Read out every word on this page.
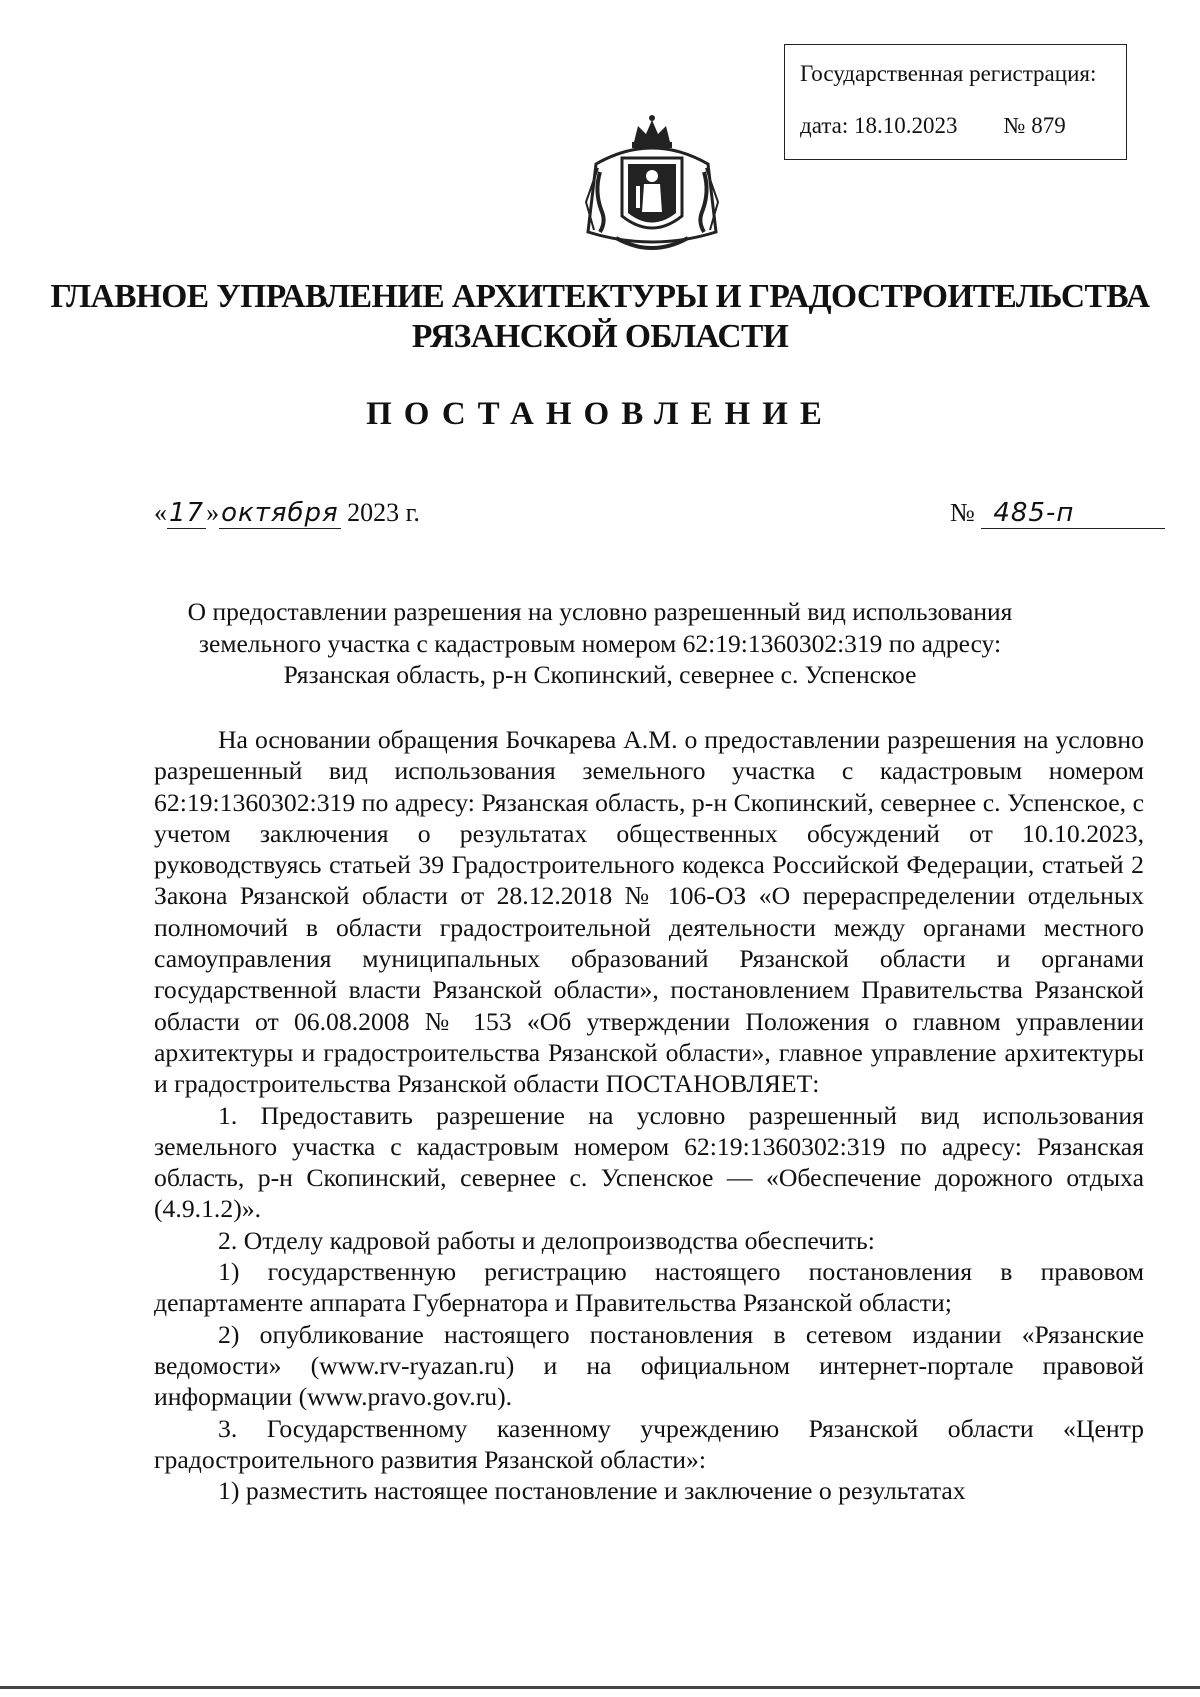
Государственная регистрация:
дата: 18.10.2023        № 879
ГЛАВНОЕ УПРАВЛЕНИЕ АРХИТЕКТУРЫ И ГРАДОСТРОИТЕЛЬСТВА
РЯЗАНСКОЙ ОБЛАСТИ
ПОСТАНОВЛЕНИЕ
«17»октября 2023 г.	№ 485-п
О предоставлении разрешения на условно разрешенный вид использования
земельного участка с кадастровым номером 62:19:1360302:319 по адресу:
Рязанская область, р-н Скопинский, севернее с. Успенское

На основании обращения Бочкарева А.М. о предоставлении разрешения на условно разрешенный вид использования земельного участка с кадастровым номером 62:19:1360302:319 по адресу: Рязанская область, р-н Скопинский, севернее с. Успенское, с учетом заключения о результатах общественных обсуждений от 10.10.2023, руководствуясь статьей 39 Градостроительного кодекса Российской Федерации, статьей 2 Закона Рязанской области от 28.12.2018 № 106-ОЗ «О перераспределении отдельных полномочий в области градостроительной деятельности между органами местного самоуправления муниципальных образований Рязанской области и органами государственной власти Рязанской области», постановлением Правительства Рязанской области от 06.08.2008 № 153 «Об утверждении Положения о главном управлении архитектуры и градостроительства Рязанской области», главное управление архитектуры и градостроительства Рязанской области ПОСТАНОВЛЯЕТ:

1. Предоставить разрешение на условно разрешенный вид использования земельного участка с кадастровым номером 62:19:1360302:319 по адресу: Рязанская область, р-н Скопинский, севернее с. Успенское — «Обеспечение дорожного отдыха (4.9.1.2)».

2. Отделу кадровой работы и делопроизводства обеспечить:

1) государственную регистрацию настоящего постановления в правовом департаменте аппарата Губернатора и Правительства Рязанской области;

2) опубликование настоящего постановления в сетевом издании «Рязанские ведомости» (www.rv-ryazan.ru) и на официальном интернет-портале правовой информации (www.pravo.gov.ru).

3. Государственному казенному учреждению Рязанской области «Центр градостроительного развития Рязанской области»:

1) разместить настоящее постановление и заключение о результатах
